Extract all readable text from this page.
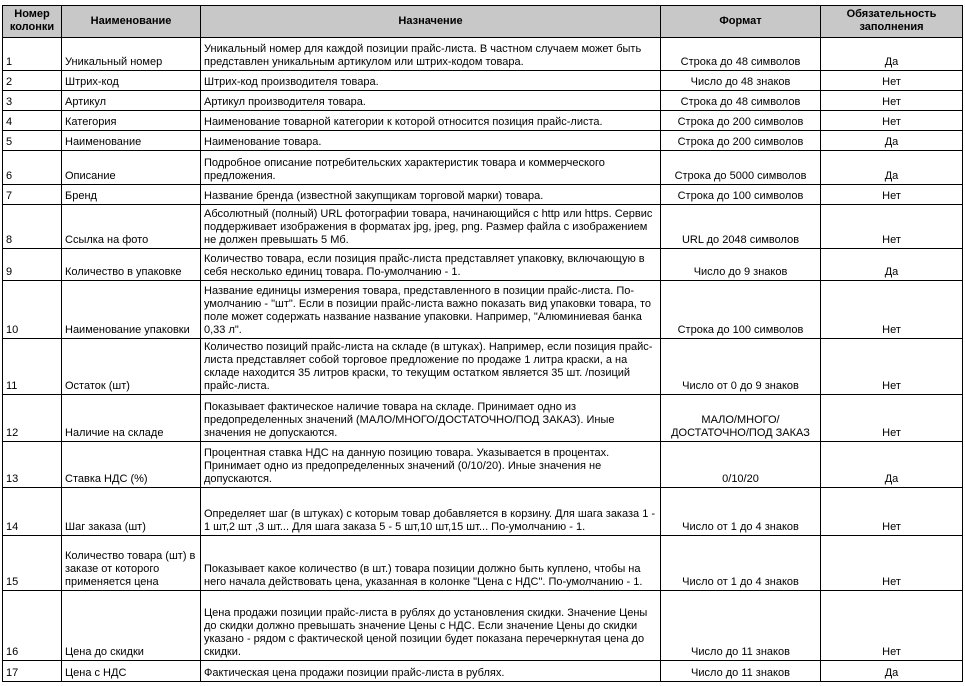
Номер колонки	Наименование	Назначение	Формат	Обязательность заполнения
1	Уникальный номер	Уникальный номер для каждой позиции прайс-листа. В частном случаем может быть представлен уникальным артикулом или штрих-кодом товара.	Строка до 48 символов	Да
2	Штрих-код	Штрих-код производителя товара.	Число до 48 знаков	Нет
3	Артикул	Артикул производителя товара.	Строка до 48 символов	Нет
4	Категория	Наименование товарной категории к которой относится позиция прайс-листа.	Строка до 200 символов	Нет
5	Наименование	Наименование товара.	Строка до 200 символов	Да
6	Описание	Подробное описание потребительских характеристик товара и коммерческого предложения.	Строка до 5000 символов	Да
7	Бренд	Название бренда (известной закупщикам торговой марки) товара.	Строка до 100 символов	Нет
8	Ссылка на фото	Абсолютный (полный) URL фотографии товара, начинающийся с http или https. Сервис поддерживает изображения в форматах jpg, jpeg, png. Размер файла с изображением не должен превышать 5 Мб.	URL до 2048 символов	Нет
9	Количество в упаковке	Количество товара, если позиция прайс-листа представляет упаковку, включающую в себя несколько единиц товара. По-умолчанию - 1.	Число до 9 знаков	Да
10	Наименование упаковки	Название единицы измерения товара, представленного в позиции прайс-листа. По-умолчанию - "шт". Если в позиции прайс-листа важно показать вид упаковки товара, то поле может содержать название название упаковки. Например, "Алюминиевая банка 0,33 л".	Строка до 100 символов	Нет
11	Остаток (шт)	Количество позиций прайс-листа на складе (в штуках). Например, если позиция прайс-листа представляет собой торговое предложение по продаже 1 литра краски, а на складе находится 35 литров краски, то текущим остатком является 35 шт. /позиций прайс-листа.	Число от 0 до 9 знаков	Нет
12	Наличие на складе	Показывает фактическое наличие товара на складе. Принимает одно из предопределенных значений (МАЛО/МНОГО/ДОСТАТОЧНО/ПОД ЗАКАЗ). Иные значения не допускаются.	МАЛО/МНОГО/ДОСТАТОЧНО/ПОД ЗАКАЗ	Нет
13	Ставка НДС (%)	Процентная ставка НДС на данную позицию товара. Указывается в процентах. Принимает одно из предопределенных значений (0/10/20). Иные значения не допускаются.	0/10/20	Да
14	Шаг заказа (шт)	Определяет шаг (в штуках) с которым товар добавляется в корзину. Для шага заказа 1 - 1 шт,2 шт ,3 шт... Для шага заказа 5 - 5 шт,10 шт,15 шт... По-умолчанию - 1.	Число от 1 до 4 знаков	Нет
15	Количество товара (шт) в заказе от которого применяется цена	Показывает какое количество (в шт.) товара позиции должно быть куплено, чтобы на него начала действовать цена, указанная в колонке "Цена с НДС". По-умолчанию - 1.	Число от 1 до 4 знаков	Нет
16	Цена до скидки	Цена продажи позиции прайс-листа в рублях до установления скидки. Значение Цены до скидки должно превышать значение Цены с НДС. Если значение Цены до скидки указано - рядом с фактической ценой позиции будет показана перечеркнутая цена до скидки.	Число до 11 знаков	Нет
17	Цена с НДС	Фактическая цена продажи позиции прайс-листа в рублях.	Число до 11 знаков	Да
